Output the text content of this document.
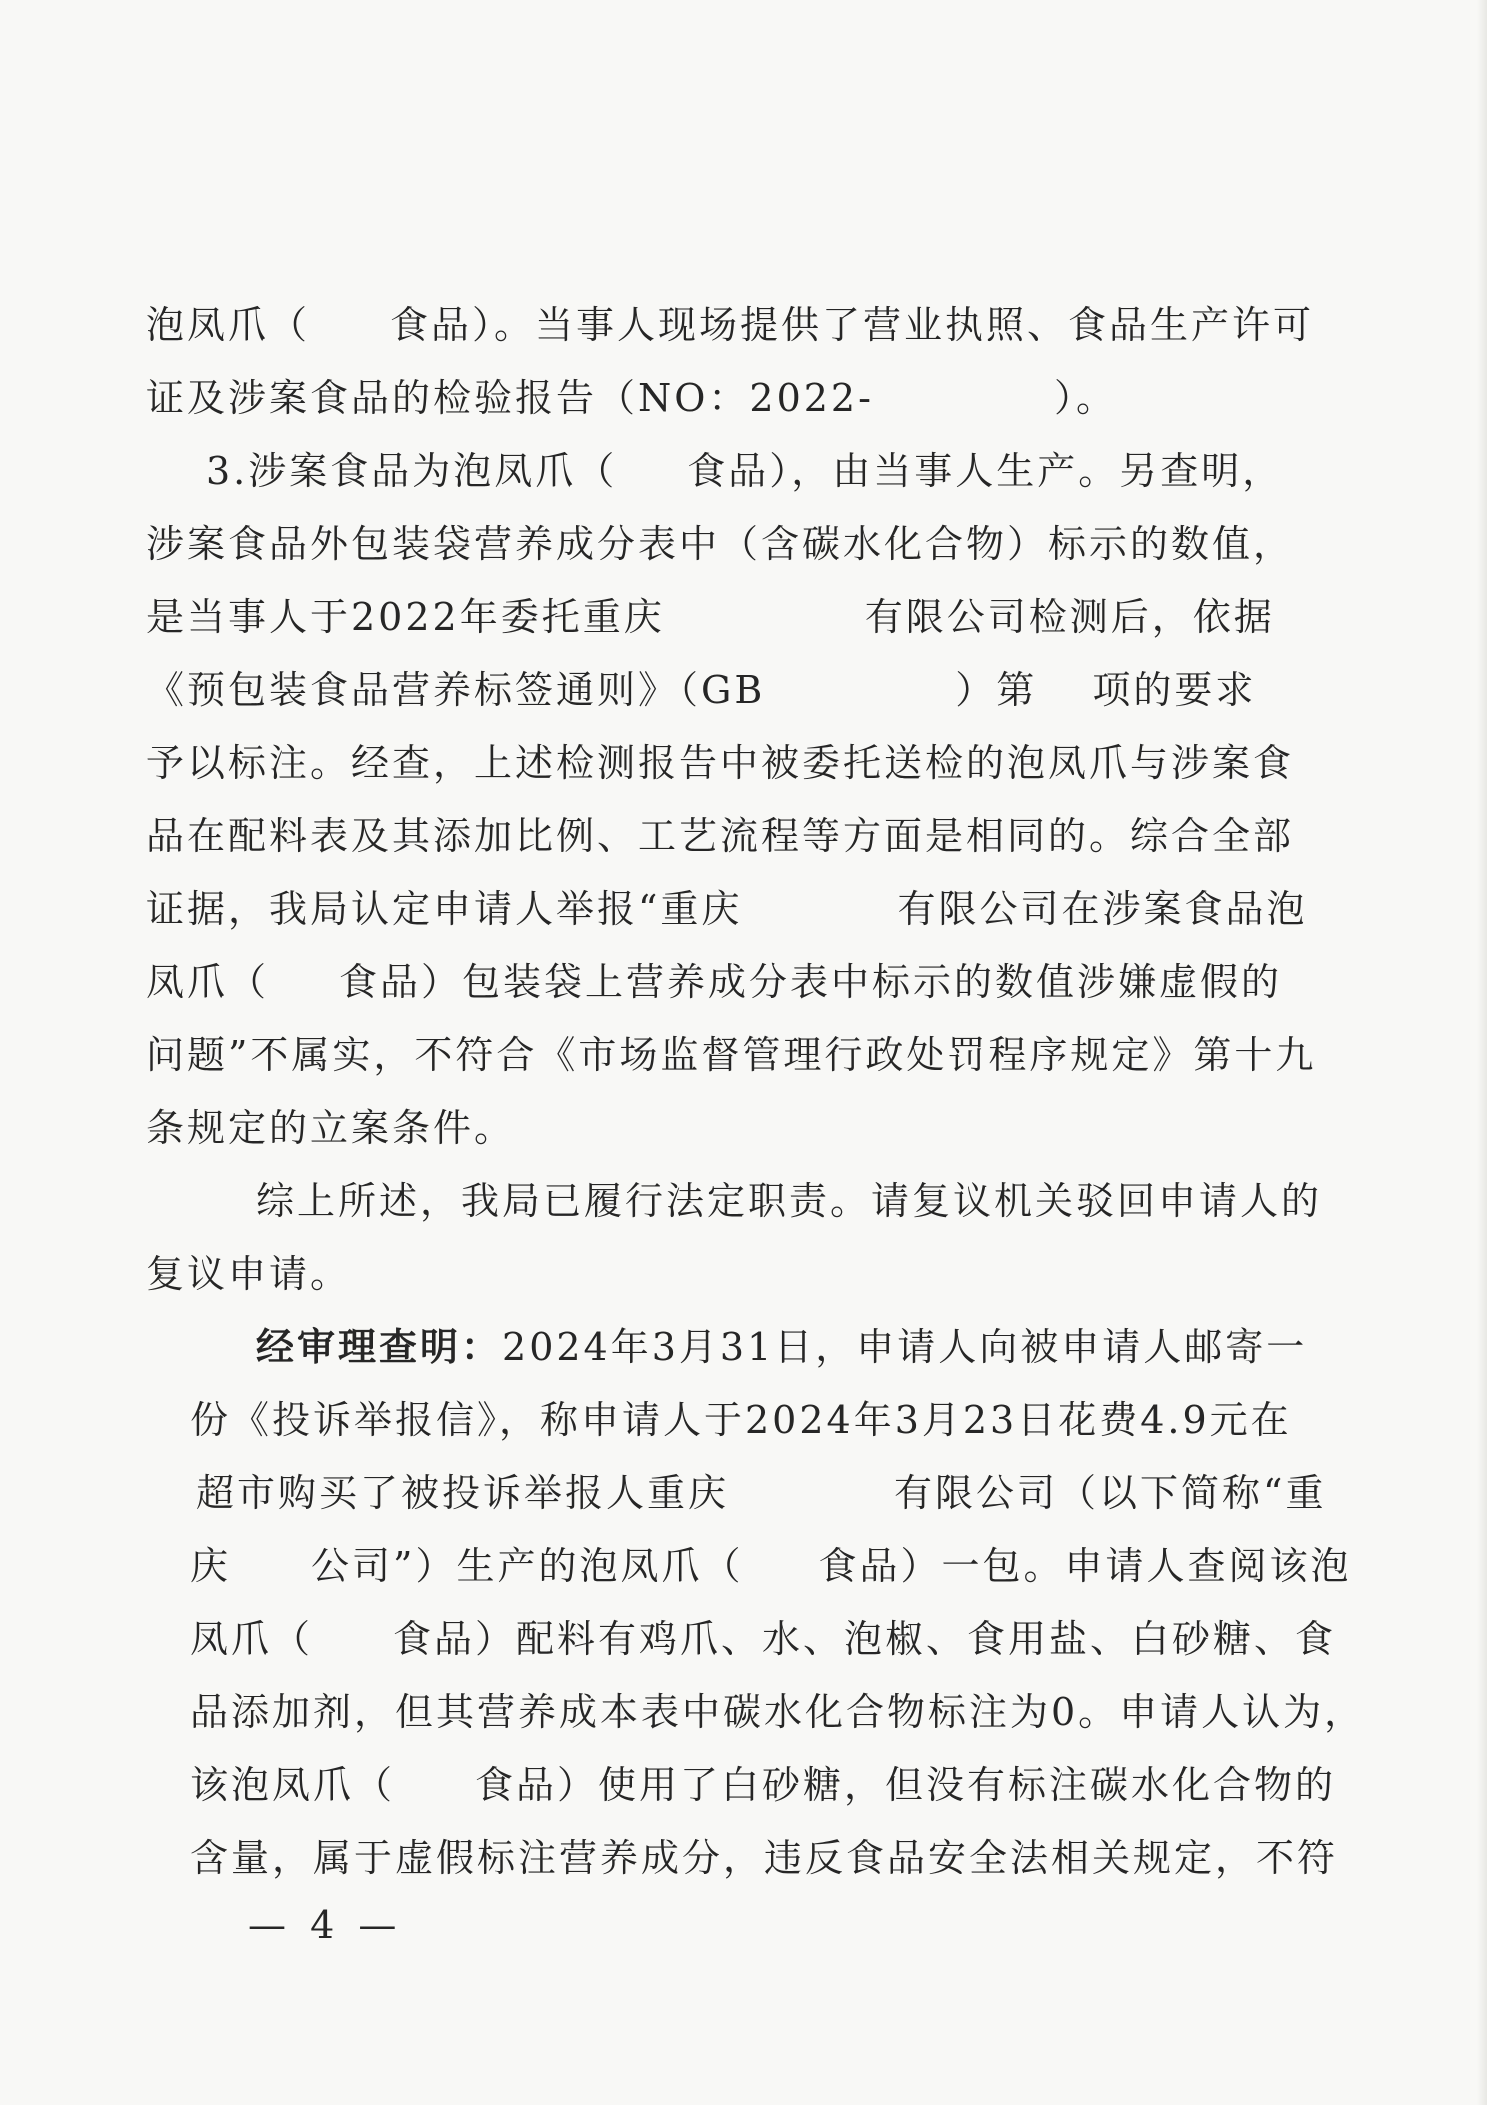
泡凤爪（ 食品）。当事人现场提供了营业执照、食品生产许可
证及涉案食品的检验报告（NO：2022-	）。
3.涉案食品为泡凤爪（ 食品），由当事人生产。另查明，
涉案食品外包装袋营养成分表中（含碳水化合物）标示的数值，
是当事人于2022年委托重庆	有限公司检测后，依据
《预包装食品营养标签通则》（GB	）第 项的要求
予以标注。经查，上述检测报告中被委托送检的泡凤爪与涉案食
品在配料表及其添加比例、工艺流程等方面是相同的。综合全部
证据，我局认定申请人举报“重庆	有限公司在涉案食品泡
凤爪（ 食品）包装袋上营养成分表中标示的数值涉嫌虚假的
问题”不属实，不符合《市场监督管理行政处罚程序规定》第十九
条规定的立案条件。
综上所述，我局已履行法定职责。请复议机关驳回申请人的
复议申请。
经审理查明：2024年3月31日，申请人向被申请人邮寄一
份《投诉举报信》，称申请人于2024年3月23日花费4.9元在
超市购买了被投诉举报人重庆	有限公司（以下简称“重
庆 公司”）生产的泡凤爪（ 食品）一包。申请人查阅该泡
凤爪（ 食品）配料有鸡爪、水、泡椒、食用盐、白砂糖、食
品添加剂，但其营养成本表中碳水化合物标注为0。申请人认为，
该泡凤爪（ 食品）使用了白砂糖，但没有标注碳水化合物的
含量，属于虚假标注营养成分，违反食品安全法相关规定，不符
— 4 —
